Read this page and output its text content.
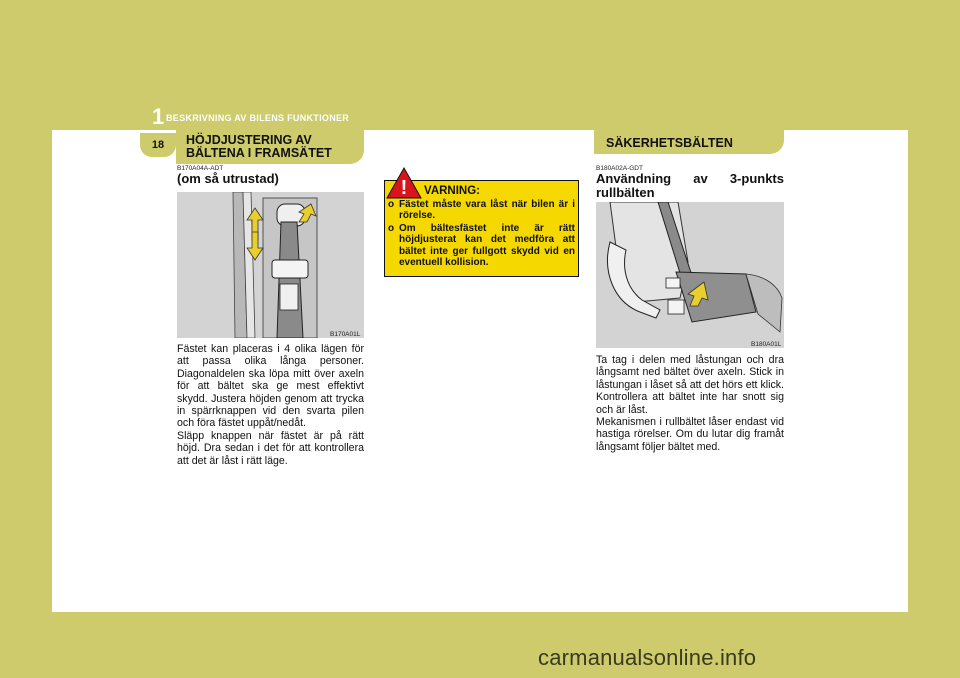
1 BESKRIVNING AV BILENS FUNKTIONER
18	HÖJDJUSTERING AV
BÄLTENA I FRAMSÄTET
B170A04A-ADT
(om så utrustad)
B170A01L

Fästet kan placeras i 4 olika lägen för att passa olika långa personer. Diagonaldelen ska löpa mitt över axeln för att bältet ska ge mest effektivt skydd. Justera höjden genom att trycka in spärrknappen vid den svarta pilen och föra fästet uppåt/nedåt.

Släpp knappen när fästet är på rätt höjd. Dra sedan i det för att kontrollera att det är låst i rätt läge.

! VARNING:
o Fästet måste vara låst när bilen är i rörelse.
o Om bältesfästet inte är rätt höjdjusterat kan det medföra att bältet inte ger fullgott skydd vid en eventuell kollision.
SÄKERHETSBÄLTEN
B180A02A-GDT
Användning av 3-punkts
rullbälten
B180A01L

Ta tag i delen med låstungan och dra långsamt ned bältet över axeln. Stick in låstungan i låset så att det hörs ett klick. Kontrollera att bältet inte har snott sig och är låst.

Mekanismen i rullbältet låser endast vid hastiga rörelser. Om du lutar dig framåt långsamt följer bältet med.

carmanualsonline.info
